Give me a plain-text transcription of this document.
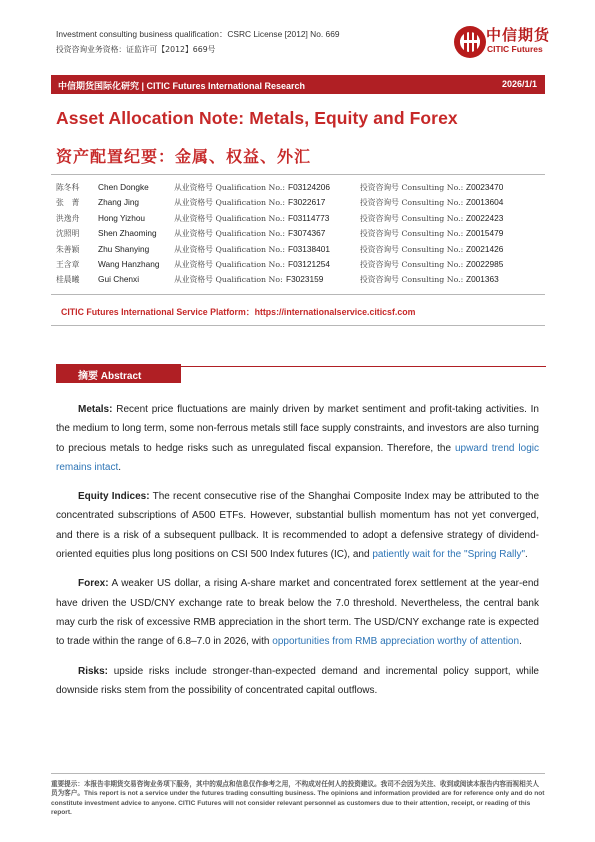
Investment consulting business qualification：CSRC License [2012] No. 669
投资咨询业务资格：证监许可【2012】669号
中信期货
CITIC Futures
中信期货国际化研究 | CITIC Futures International Research	2026/1/1
Asset Allocation Note: Metals, Equity and Forex
资产配置纪要：金属、权益、外汇
陈冬科 Chen Dongke	从业资格号 Qualification No.: F03124206	投资咨询号 Consulting No.: Z0023470
张　菁 Zhang Jing	从业资格号 Qualification No.: F3022617	投资咨询号 Consulting No.: Z0013604
洪逸舟 Hong Yizhou	从业资格号 Qualification No.: F03114773	投资咨询号 Consulting No.: Z0022423
沈照明 Shen Zhaoming 从业资格号 Qualification No.: F3074367	投资咨询号 Consulting No.: Z0015479
朱善颖 Zhu Shanying	从业资格号 Qualification No.: F03138401	投资咨询号 Consulting No.: Z0021426
王含章 Wang Hanzhang 从业资格号 Qualification No.: F03121254	投资咨询号 Consulting No.: Z0022985
桂晨曦 Gui Chenxi	从业资格号 Qualification No: F3023159	投资咨询号 Consulting No.: Z001363
CITIC Futures International Service Platform：https://internationalservice.citicsf.com
摘要 Abstract

Metals: Recent price fluctuations are mainly driven by market sentiment and profit-taking activities. In the medium to long term, some non-ferrous metals still face supply constraints, and investors are also turning to precious metals to hedge risks such as unregulated fiscal expansion. Therefore, the upward trend logic remains intact.

Equity Indices: The recent consecutive rise of the Shanghai Composite Index may be attributed to the concentrated subscriptions of A500 ETFs. However, substantial bullish momentum has not yet converged, and there is a risk of a subsequent pullback. It is recommended to adopt a defensive strategy of dividend-oriented equities plus long positions on CSI 500 Index futures (IC), and patiently wait for the "Spring Rally".

Forex: A weaker US dollar, a rising A-share market and concentrated forex settlement at the year-end have driven the USD/CNY exchange rate to break below the 7.0 threshold. Nevertheless, the central bank may curb the risk of excessive RMB appreciation in the short term. The USD/CNY exchange rate is expected to trade within the range of 6.8–7.0 in 2026, with opportunities from RMB appreciation worthy of attention.

Risks: upside risks include stronger-than-expected demand and incremental policy support, while downside risks stem from the possibility of concentrated capital outflows.

重要提示：本报告非期货交易咨询业务项下服务，其中的观点和信息仅作参考之用，不构成对任何人的投资建议。我司不会因为关注、收到或阅读本报告内容而视相关人员为客户。This report is not a service under the futures trading consulting business. The opinions and information provided are for reference only and do not constitute investment advice to anyone. CITIC Futures will not consider relevant personnel as customers due to their attention, receipt, or reading of this report.
